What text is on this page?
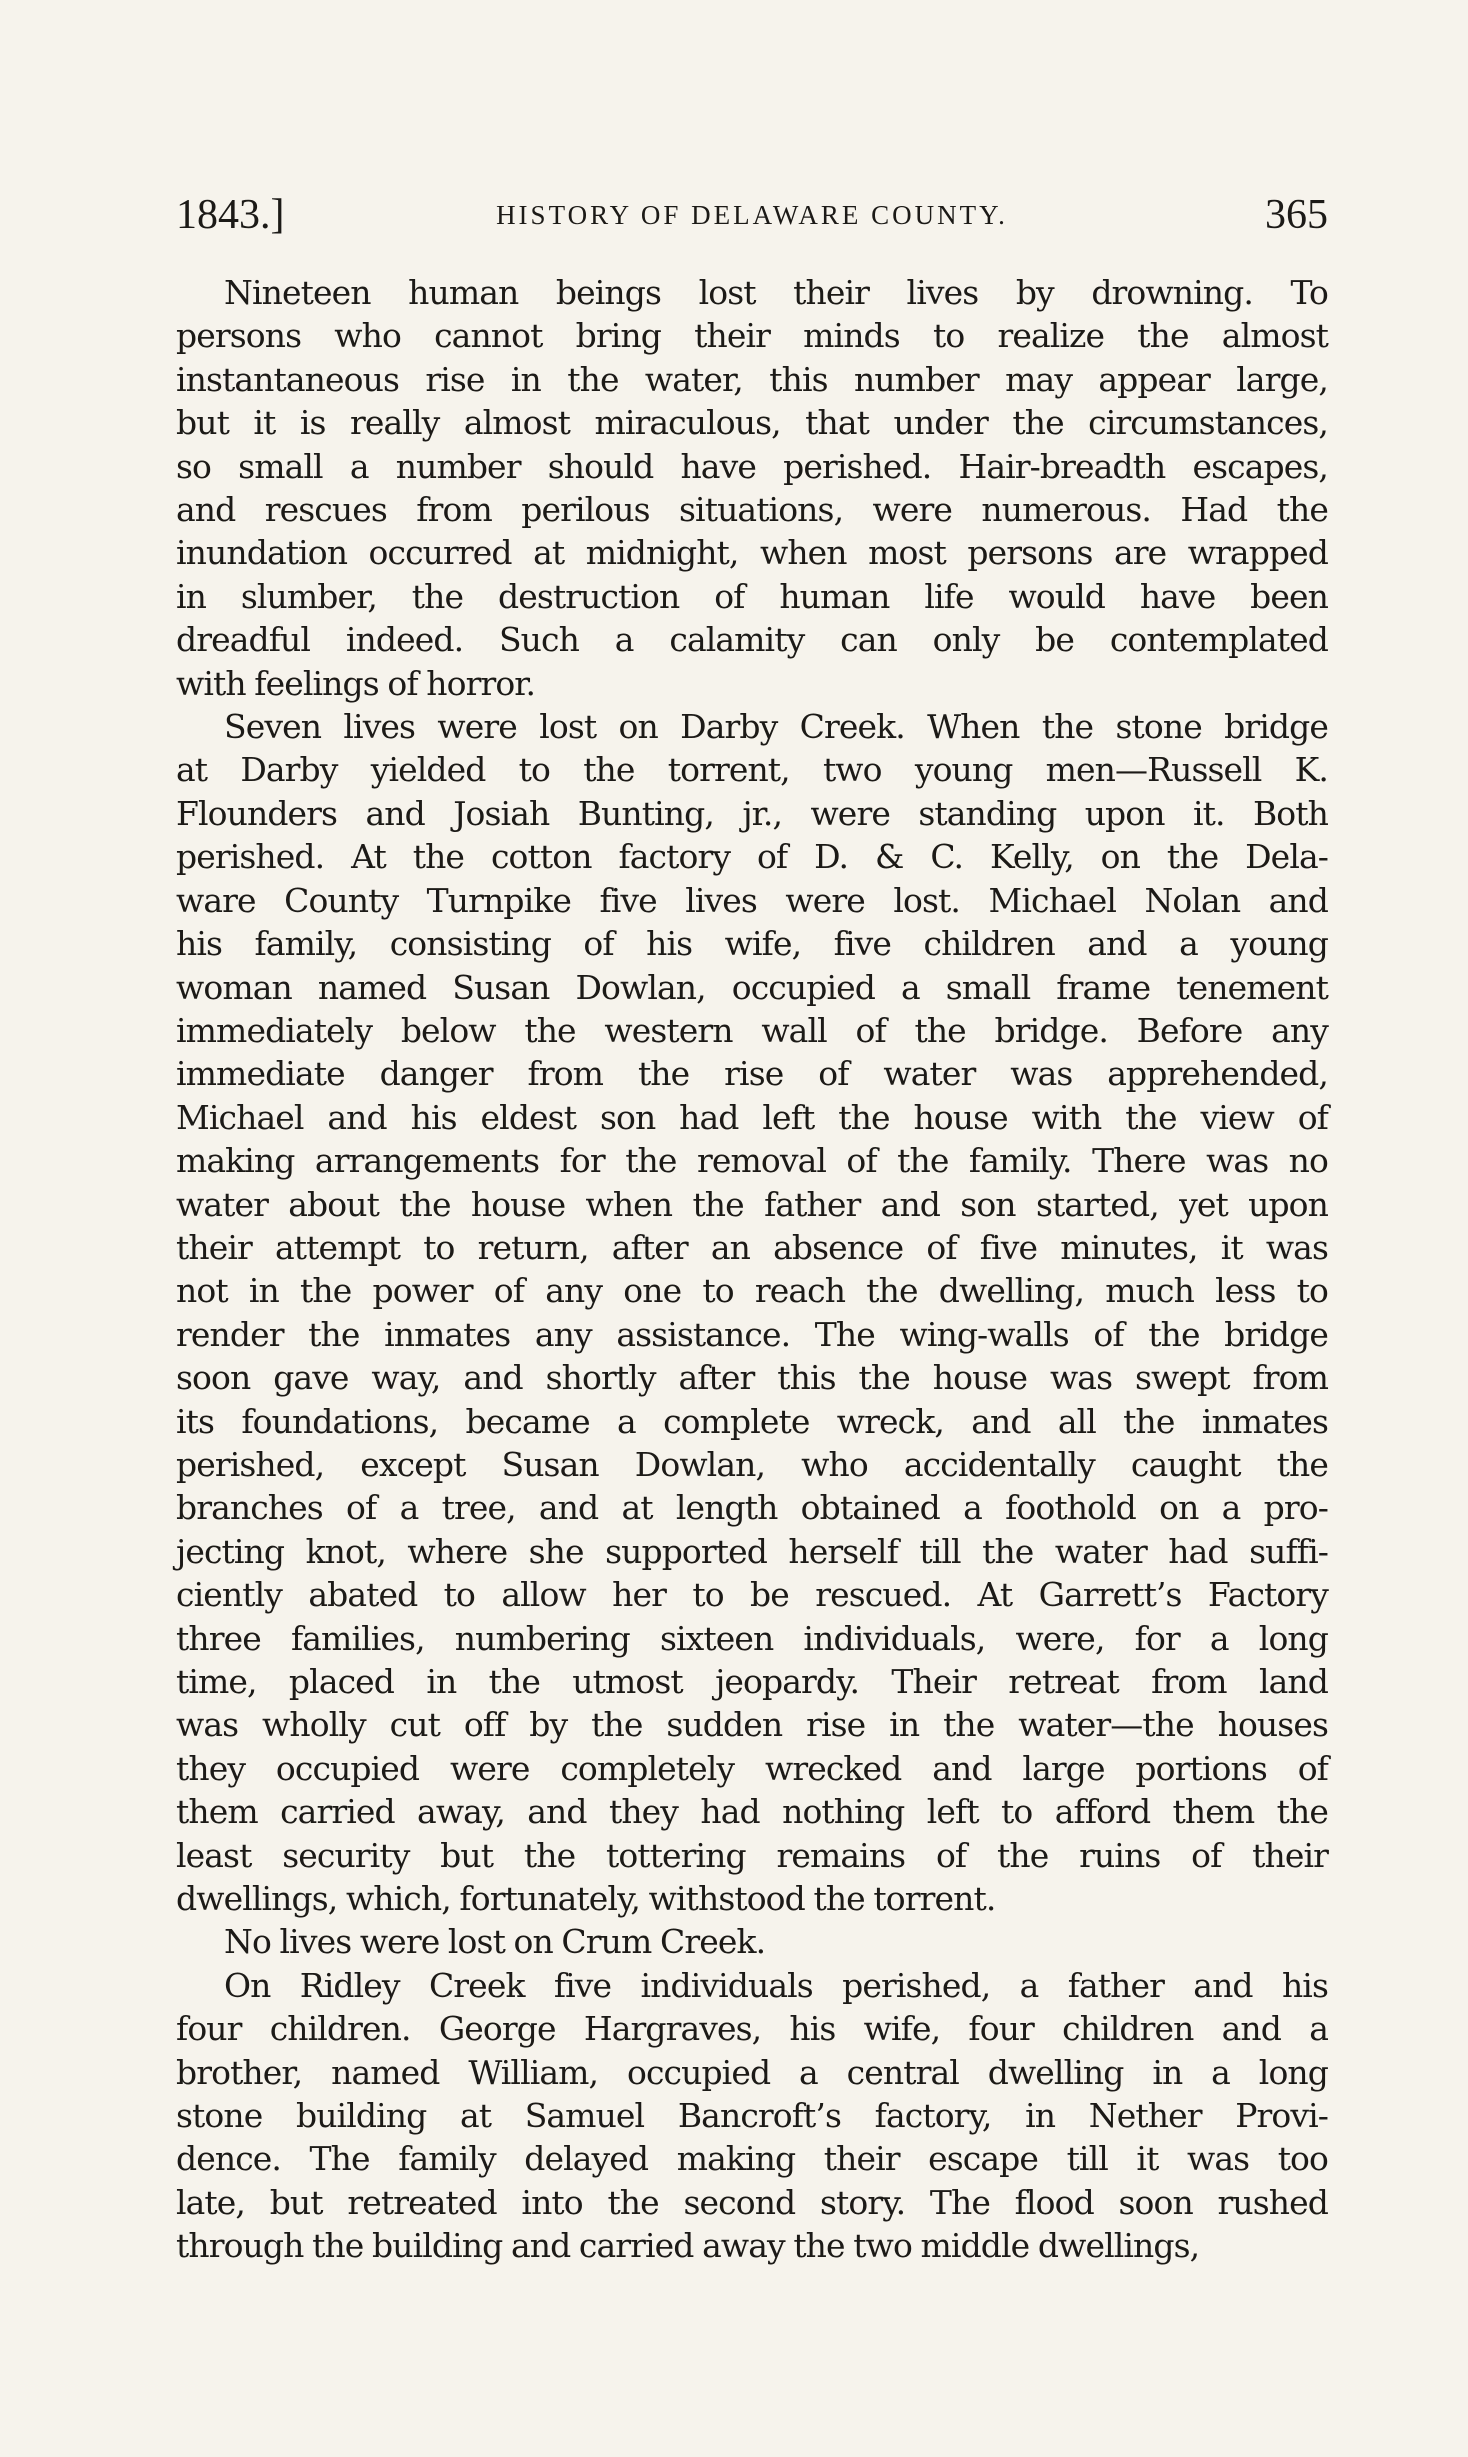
1843.]	HISTORY OF DELAWARE COUNTY.	365

Nineteen human beings lost their lives by drowning. To
persons who cannot bring their minds to realize the almost
instantaneous rise in the water, this number may appear large,
but it is really almost miraculous, that under the circumstances,
so small a number should have perished. Hair-breadth escapes,
and rescues from perilous situations, were numerous. Had the
inundation occurred at midnight, when most persons are wrapped
in slumber, the destruction of human life would have been
dreadful indeed. Such a calamity can only be contemplated
with feelings of horror.

Seven lives were lost on Darby Creek. When the stone bridge
at Darby yielded to the torrent, two young men—Russell K.
Flounders and Josiah Bunting, jr., were standing upon it. Both
perished. At the cotton factory of D. & C. Kelly, on the Dela-
ware County Turnpike five lives were lost. Michael Nolan and
his family, consisting of his wife, five children and a young
woman named Susan Dowlan, occupied a small frame tenement
immediately below the western wall of the bridge. Before any
immediate danger from the rise of water was apprehended,
Michael and his eldest son had left the house with the view of
making arrangements for the removal of the family. There was no
water about the house when the father and son started, yet upon
their attempt to return, after an absence of five minutes, it was
not in the power of any one to reach the dwelling, much less to
render the inmates any assistance. The wing-walls of the bridge
soon gave way, and shortly after this the house was swept from
its foundations, became a complete wreck, and all the inmates
perished, except Susan Dowlan, who accidentally caught the
branches of a tree, and at length obtained a foothold on a pro-
jecting knot, where she supported herself till the water had suffi-
ciently abated to allow her to be rescued. At Garrett’s Factory
three families, numbering sixteen individuals, were, for a long
time, placed in the utmost jeopardy. Their retreat from land
was wholly cut off by the sudden rise in the water—the houses
they occupied were completely wrecked and large portions of
them carried away, and they had nothing left to afford them the
least security but the tottering remains of the ruins of their
dwellings, which, fortunately, withstood the torrent.

No lives were lost on Crum Creek.

On Ridley Creek five individuals perished, a father and his
four children. George Hargraves, his wife, four children and a
brother, named William, occupied a central dwelling in a long
stone building at Samuel Bancroft’s factory, in Nether Provi-
dence. The family delayed making their escape till it was too
late, but retreated into the second story. The flood soon rushed
through the building and carried away the two middle dwellings,
